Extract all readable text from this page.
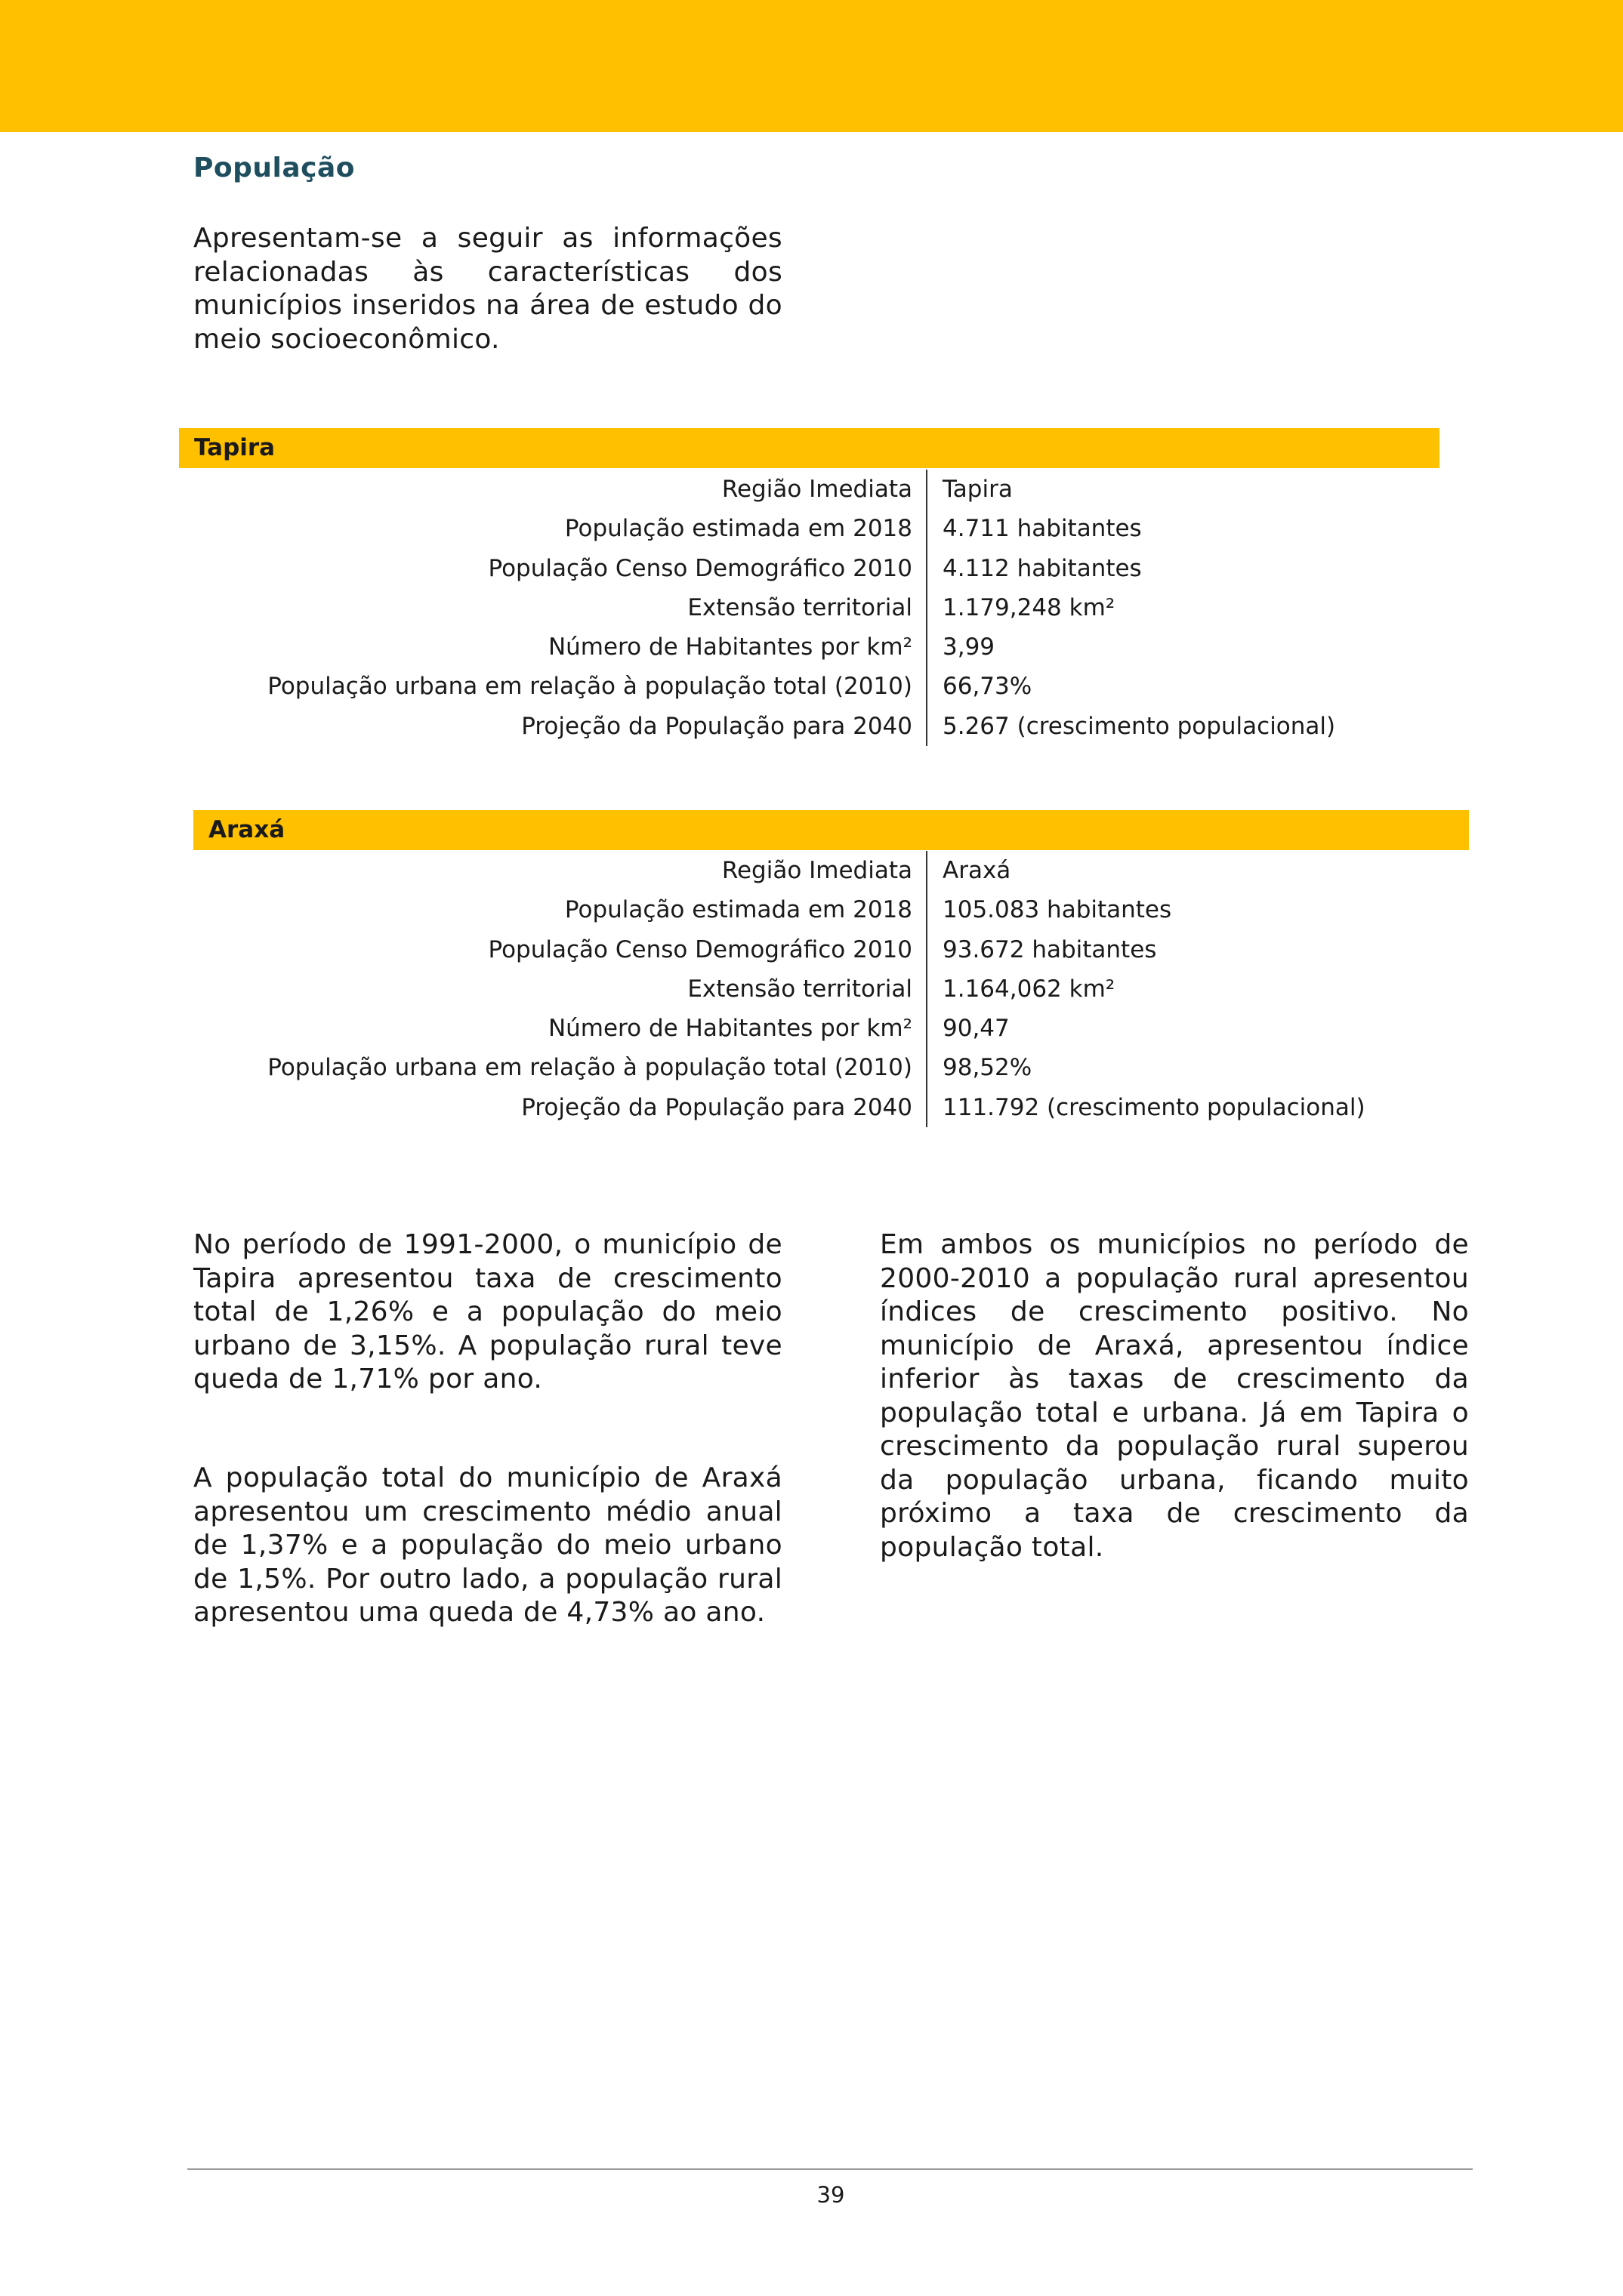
População

Apresentam-se a seguir as informações relacionadas às características dos municípios inseridos na área de estudo do meio socioeconômico.

Tapira
Região Imediata Tapira
População estimada em 2018 4.711 habitantes
População Censo Demográfico 2010 4.112 habitantes
Extensão territorial 1.179,248 km²
Número de Habitantes por km² 3,99
População urbana em relação à população total (2010) 66,73%
Projeção da População para 2040 5.267 (crescimento populacional)
Araxá
Região Imediata Araxá
População estimada em 2018 105.083 habitantes
População Censo Demográfico 2010 93.672 habitantes
Extensão territorial 1.164,062 km²
Número de Habitantes por km² 90,47
População urbana em relação à população total (2010) 98,52%
Projeção da População para 2040 111.792 (crescimento populacional)

No período de 1991-2000, o município de Tapira apresentou taxa de crescimento total de 1,26% e a população do meio urbano de 3,15%. A população rural teve queda de 1,71% por ano.

A população total do município de Araxá apresentou um crescimento médio anual de 1,37% e a população do meio urbano de 1,5%. Por outro lado, a população rural apresentou uma queda de 4,73% ao ano.

Em ambos os municípios no período de 2000-2010 a população rural apresentou índices de crescimento positivo. No município de Araxá, apresentou índice inferior às taxas de crescimento da população total e urbana. Já em Tapira o crescimento da população rural superou da população urbana, ficando muito próximo a taxa de crescimento da população total.

39
